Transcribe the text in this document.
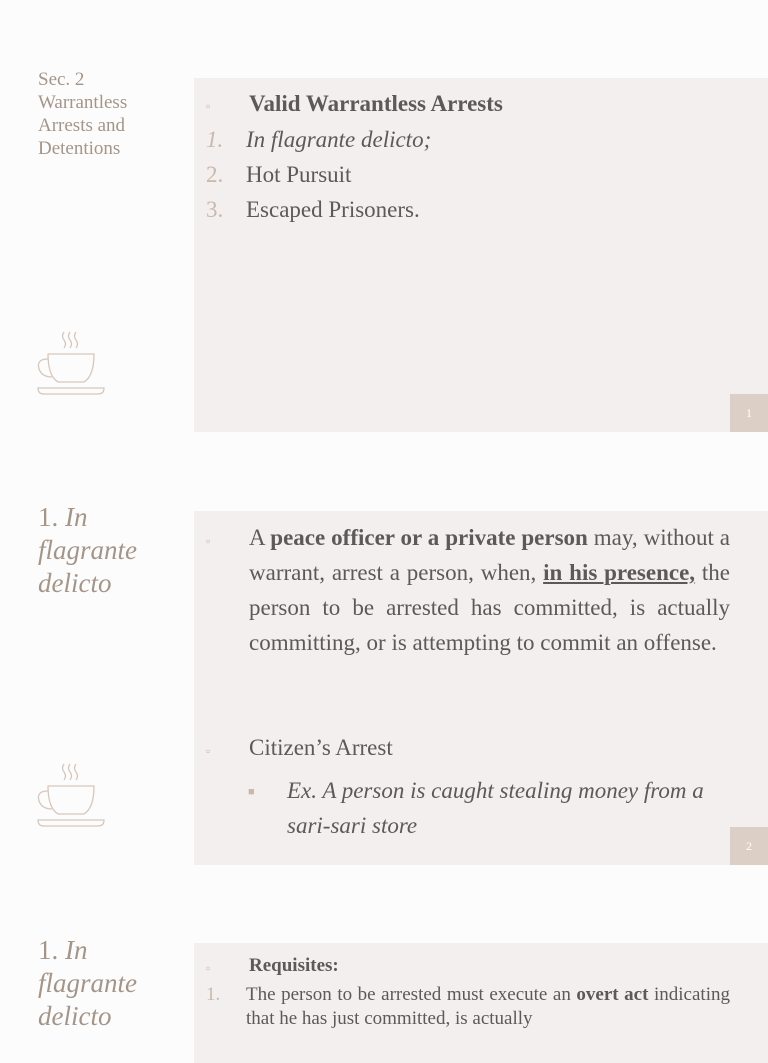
Sec. 2
Warrantless
Arrests and
Detentions
▫ Valid Warrantless Arrests
1. In flagrante delicto;
2. Hot Pursuit
3. Escaped Prisoners.
1
1. In
flagrante
delicto
▫ A peace officer or a private person may, without a warrant, arrest a person, when, in his presence, the person to be arrested has committed, is actually committing, or is attempting to commit an offense.
▫ Citizen’s Arrest
■ Ex. A person is caught stealing money from a sari-sari store
2
1. In
flagrante
delicto
▫ Requisites:
1. The person to be arrested must execute an overt act indicating that he has just committed, is actually
